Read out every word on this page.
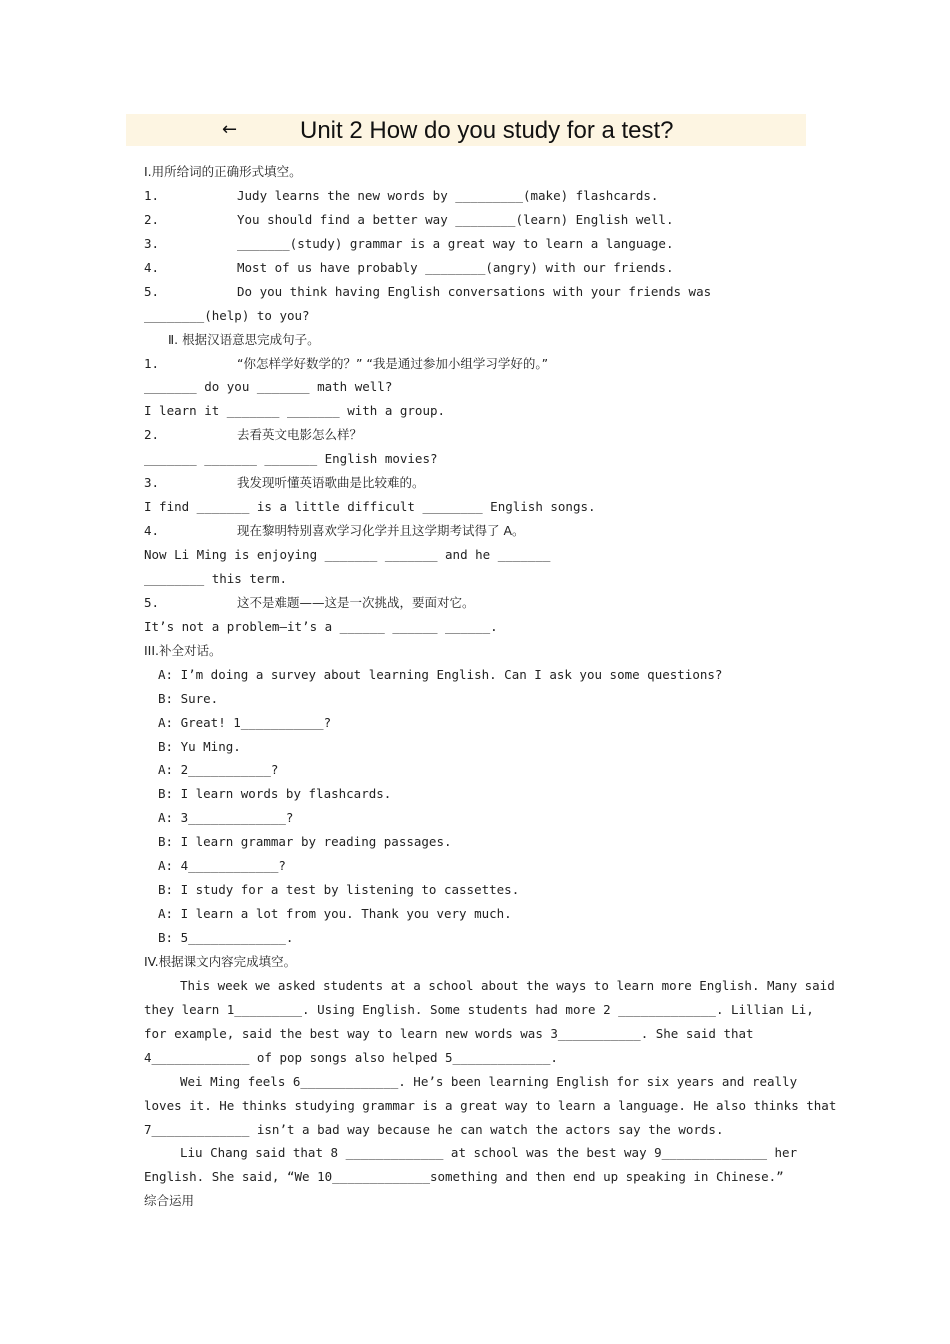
←	Unit 2 How do you study for a test?
Ⅰ.用所给词的正确形式填空。
1.	Judy learns the new words by _________(make) flashcards.
2.	You should find a better way ________(learn) English well.
3.	_______(study) grammar is a great way to learn a language.
4.	Most of us have probably ________(angry) with our friends.
5.	Do you think having English conversations with your friends was
________(help) to you?
Ⅱ. 根据汉语意思完成句子。
1.	“你怎样学好数学的？” “我是通过参加小组学习学好的。”
_______ do you _______ math well?
I learn it _______ _______ with a group.
2.	去看英文电影怎么样？
_______ _______ _______ English movies?
3.	我发现听懂英语歌曲是比较难的。
I find _______ is a little difficult ________ English songs.
4.	现在黎明特别喜欢学习化学并且这学期考试得了 A。
Now Li Ming is enjoying _______ _______ and he _______
________ this term.
5.	这不是难题——这是一次挑战，要面对它。
It’s not a problem—it’s a ______ ______ ______.
III.补全对话。
A: I’m doing a survey about learning English. Can I ask you some questions?
B: Sure.
A: Great! 1___________?
B: Yu Ming.
A: 2___________?
B: I learn words by flashcards.
A: 3_____________?
B: I learn grammar by reading passages.
A: 4____________?
B: I study for a test by listening to cassettes.
A: I learn a lot from you. Thank you very much.
B: 5_____________.
IV.根据课文内容完成填空。
This week we asked students at a school about the ways to learn more English. Many said
they learn 1_________. Using English. Some students had more 2 _____________. Lillian Li,
for example, said the best way to learn new words was 3___________. She said that
4_____________ of pop songs also helped 5_____________.
Wei Ming feels 6_____________. He’s been learning English for six years and really
loves it. He thinks studying grammar is a great way to learn a language. He also thinks that
7_____________ isn’t a bad way because he can watch the actors say the words.
Liu Chang said that 8 _____________ at school was the best way 9______________ her
English. She said, “We 10_____________something and then end up speaking in Chinese.”
综合运用
